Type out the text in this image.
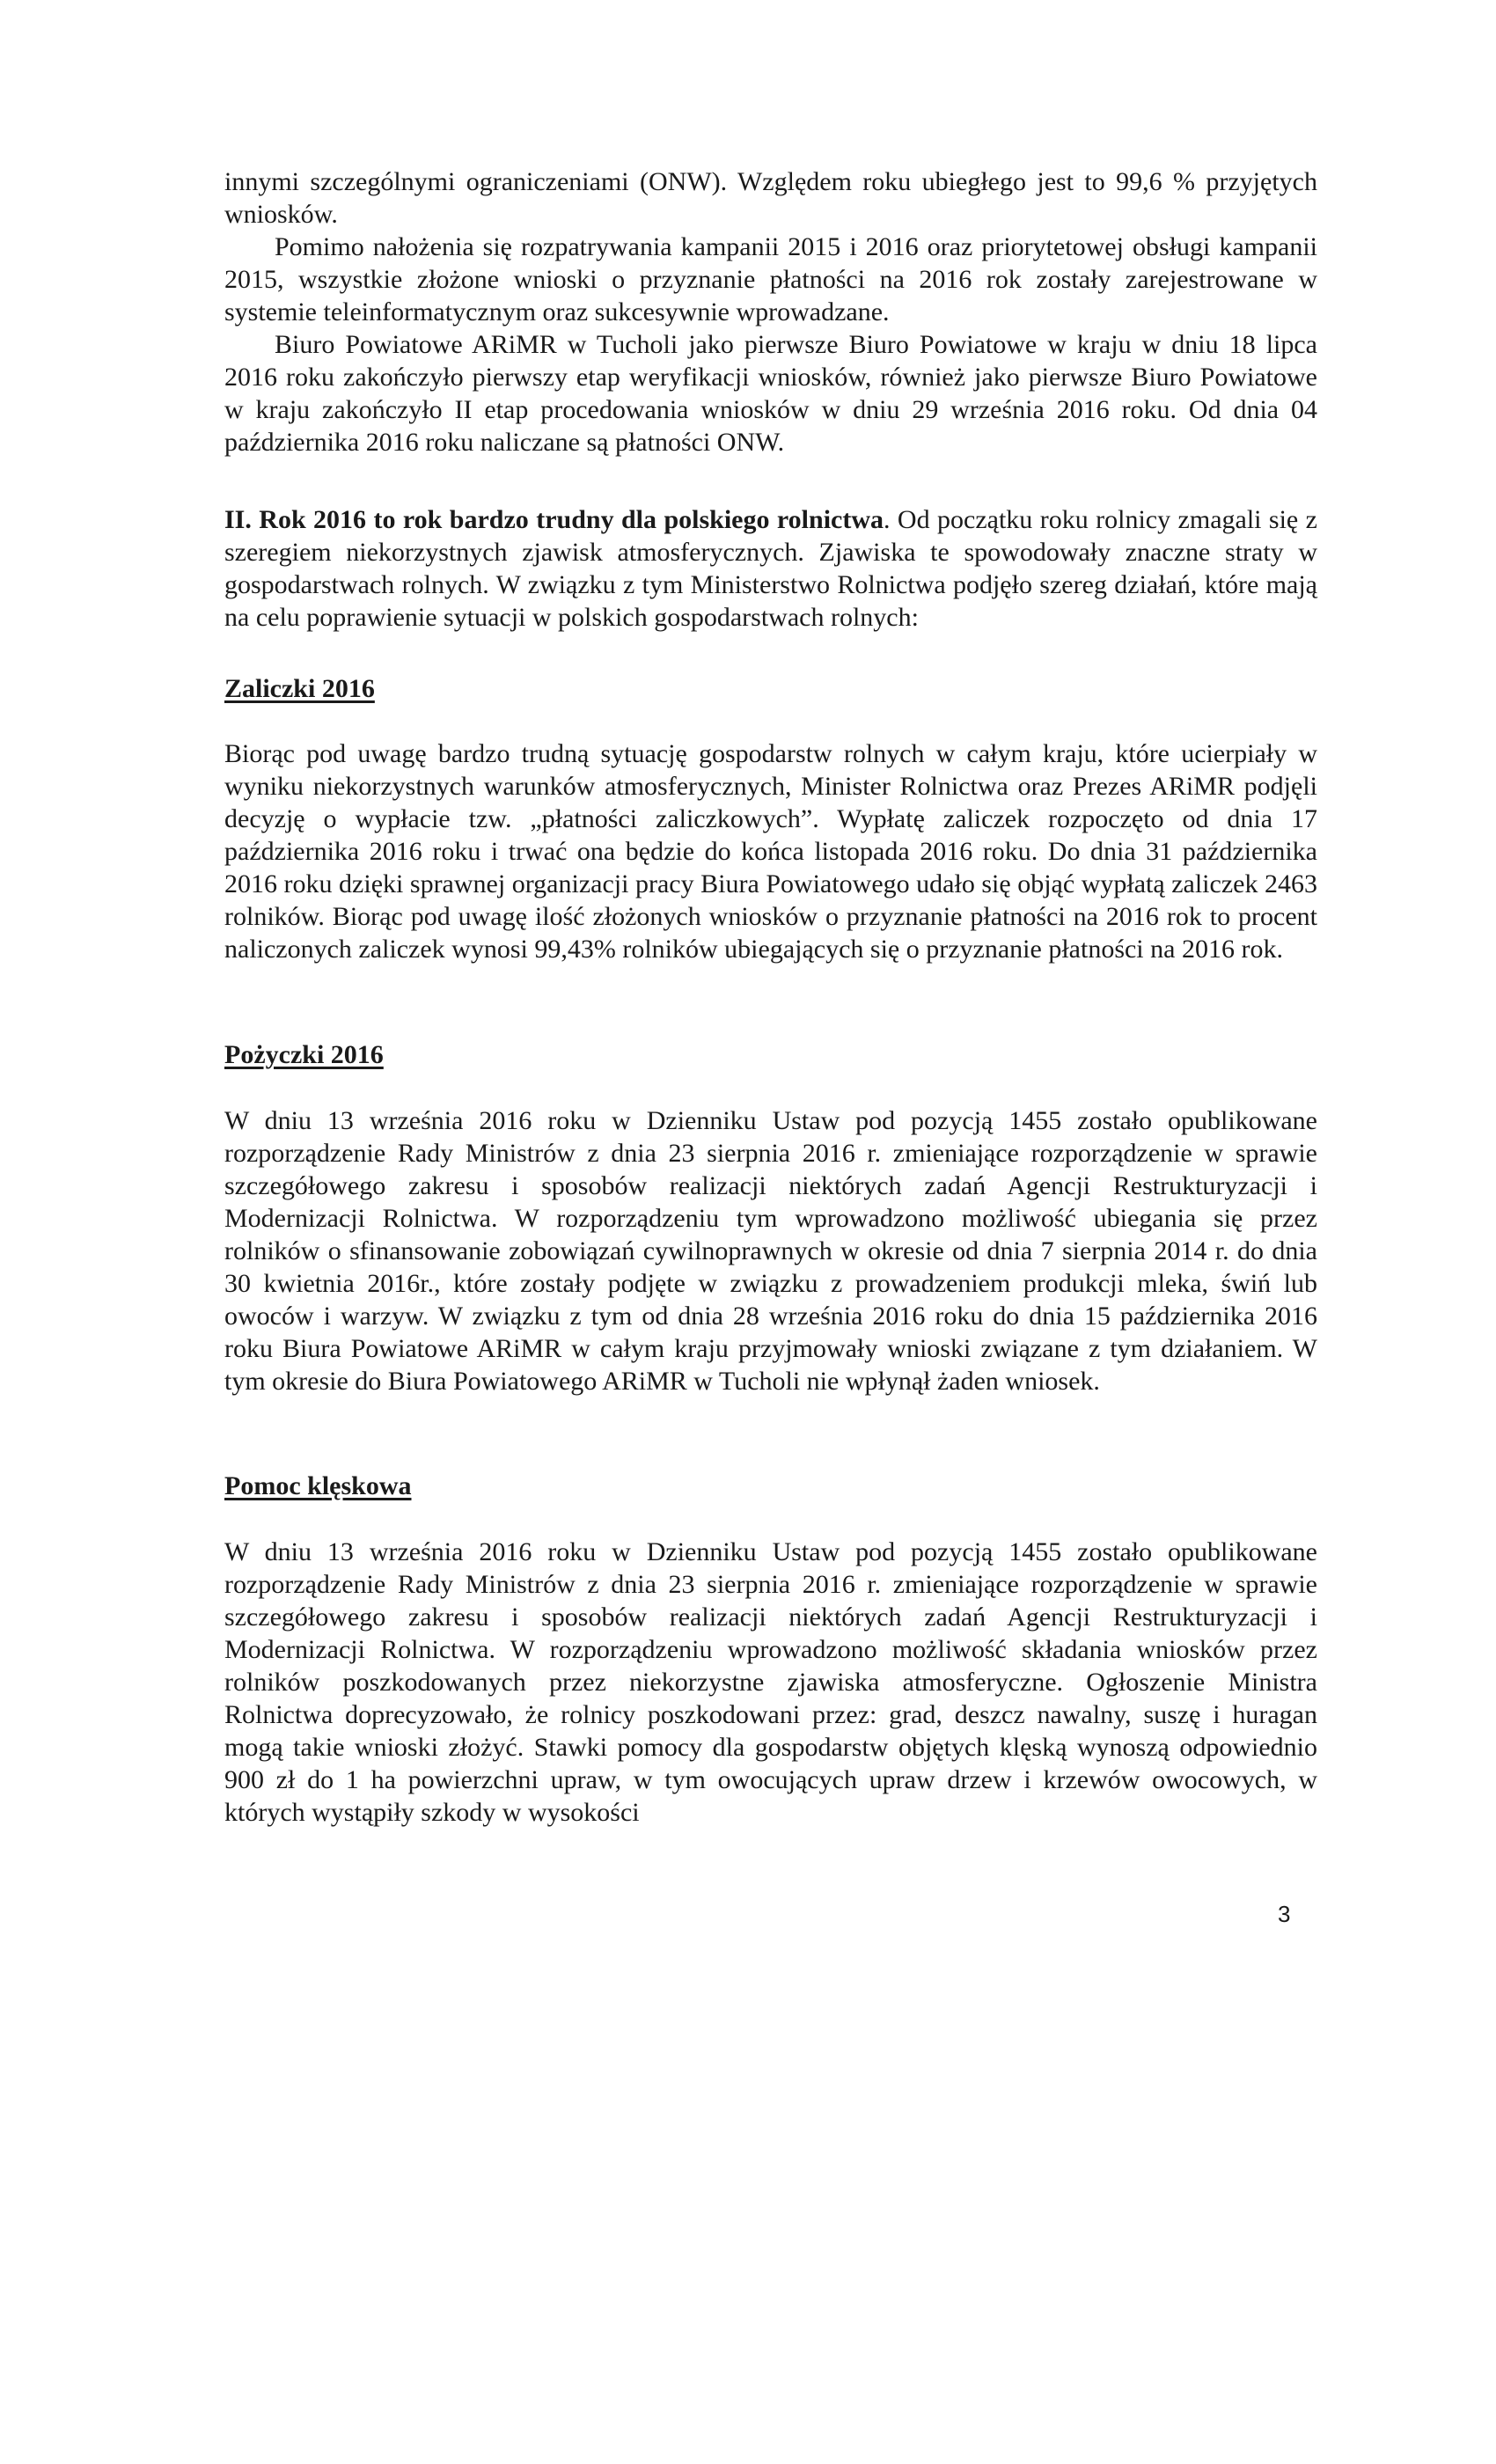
innymi szczególnymi ograniczeniami (ONW). Względem roku ubiegłego jest to 99,6 % przyjętych wniosków.

Pomimo nałożenia się rozpatrywania kampanii 2015 i 2016 oraz priorytetowej obsługi kampanii 2015, wszystkie złożone wnioski o przyznanie płatności na 2016 rok zostały zarejestrowane w systemie teleinformatycznym oraz sukcesywnie wprowadzane.

Biuro Powiatowe ARiMR w Tucholi jako pierwsze Biuro Powiatowe w kraju w dniu 18 lipca 2016 roku zakończyło pierwszy etap weryfikacji wniosków, również jako pierwsze Biuro Powiatowe w kraju zakończyło II etap procedowania wniosków w dniu 29 września 2016 roku. Od dnia 04 października 2016 roku naliczane są płatności ONW.

II. Rok 2016 to rok bardzo trudny dla polskiego rolnictwa. Od początku roku rolnicy zmagali się z szeregiem niekorzystnych zjawisk atmosferycznych. Zjawiska te spowodowały znaczne straty w gospodarstwach rolnych. W związku z tym Ministerstwo Rolnictwa podjęło szereg działań, które mają na celu poprawienie sytuacji w polskich gospodarstwach rolnych:

Zaliczki 2016

Biorąc pod uwagę bardzo trudną sytuację gospodarstw rolnych w całym kraju, które ucierpiały w wyniku niekorzystnych warunków atmosferycznych, Minister Rolnictwa oraz Prezes ARiMR podjęli decyzję o wypłacie tzw. „płatności zaliczkowych”. Wypłatę zaliczek rozpoczęto od dnia 17 października 2016 roku i trwać ona będzie do końca listopada 2016 roku. Do dnia 31 października 2016 roku dzięki sprawnej organizacji pracy Biura Powiatowego udało się objąć wypłatą zaliczek 2463 rolników. Biorąc pod uwagę ilość złożonych wniosków o przyznanie płatności na 2016 rok to procent naliczonych zaliczek wynosi 99,43% rolników ubiegających się o przyznanie płatności na 2016 rok.

Pożyczki 2016

W dniu 13 września 2016 roku w Dzienniku Ustaw pod pozycją 1455 zostało opublikowane rozporządzenie Rady Ministrów z dnia 23 sierpnia 2016 r. zmieniające rozporządzenie w sprawie szczegółowego zakresu i sposobów realizacji niektórych zadań Agencji Restrukturyzacji i Modernizacji Rolnictwa. W rozporządzeniu tym wprowadzono możliwość ubiegania się przez rolników o sfinansowanie zobowiązań cywilnoprawnych w okresie od dnia 7 sierpnia 2014 r. do dnia 30 kwietnia 2016r., które zostały podjęte w związku z prowadzeniem produkcji mleka, świń lub owoców i warzyw. W związku z tym od dnia 28 września 2016 roku do dnia 15 października 2016 roku Biura Powiatowe ARiMR w całym kraju przyjmowały wnioski związane z tym działaniem. W tym okresie do Biura Powiatowego ARiMR w Tucholi nie wpłynął żaden wniosek.

Pomoc klęskowa

W dniu 13 września 2016 roku w Dzienniku Ustaw pod pozycją 1455 zostało opublikowane rozporządzenie Rady Ministrów z dnia 23 sierpnia 2016 r. zmieniające rozporządzenie w sprawie szczegółowego zakresu i sposobów realizacji niektórych zadań Agencji Restrukturyzacji i Modernizacji Rolnictwa. W rozporządzeniu wprowadzono możliwość składania wniosków przez rolników poszkodowanych przez niekorzystne zjawiska atmosferyczne. Ogłoszenie Ministra Rolnictwa doprecyzowało, że rolnicy poszkodowani przez: grad, deszcz nawalny, suszę i huragan mogą takie wnioski złożyć. Stawki pomocy dla gospodarstw objętych klęską wynoszą odpowiednio 900 zł do 1 ha powierzchni upraw, w tym owocujących upraw drzew i krzewów owocowych, w których wystąpiły szkody w wysokości

3
